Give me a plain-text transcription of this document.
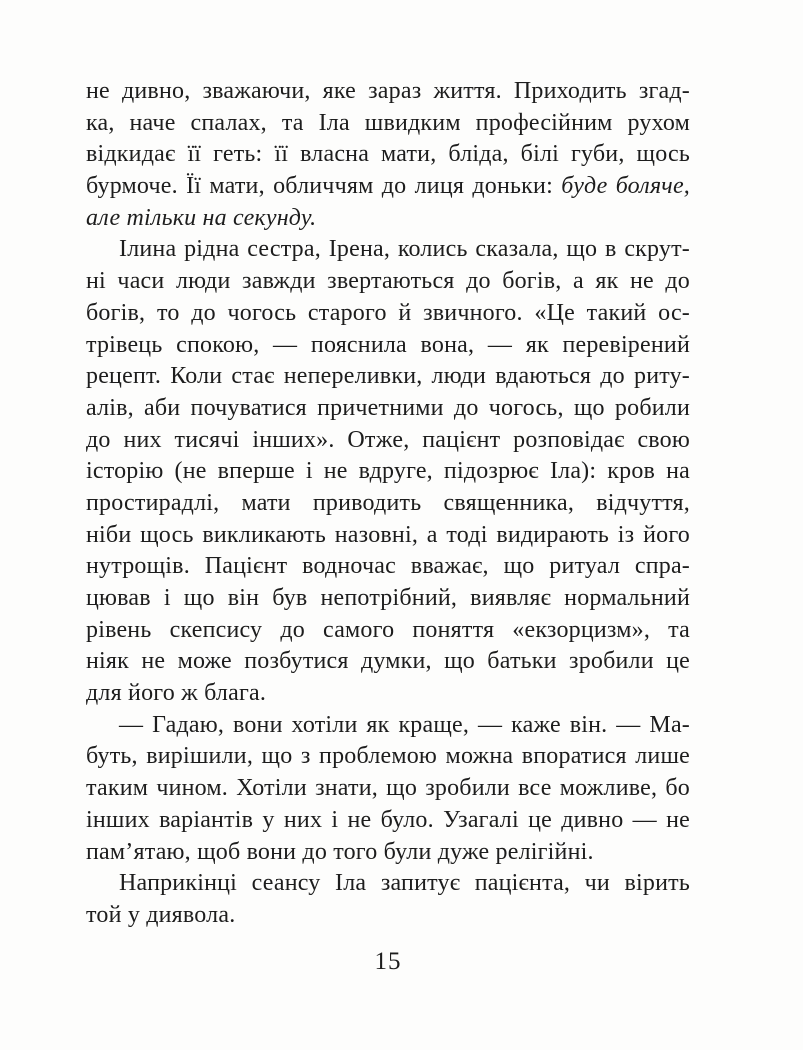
не дивно, зважаючи, яке зараз життя. Приходить згад-
ка, наче спалах, та Іла швидким професійним рухом
відкидає її геть: її власна мати, бліда, білі губи, щось
бурмоче. Її мати, обличчям до лиця доньки: буде боляче,
але тільки на секунду.
Ілина рідна сестра, Ірена, колись сказала, що в скрут-
ні часи люди завжди звертаються до богів, а як не до
богів, то до чогось старого й звичного. «Це такий ос-
трівець спокою, — пояснила вона, — як перевірений
рецепт. Коли стає непереливки, люди вдаються до риту-
алів, аби почуватися причетними до чогось, що робили
до них тисячі інших». Отже, пацієнт розповідає свою
історію (не вперше і не вдруге, підозрює Іла): кров на
простирадлі, мати приводить священника, відчуття,
ніби щось викликають назовні, а тоді видирають із його
нутрощів. Пацієнт водночас вважає, що ритуал спра-
цював і що він був непотрібний, виявляє нормальний
рівень скепсису до самого поняття «екзорцизм», та
ніяк не може позбутися думки, що батьки зробили це
для його ж блага.
— Гадаю, вони хотіли як краще, — каже він. — Ма-
буть, вирішили, що з проблемою можна впоратися лише
таким чином. Хотіли знати, що зробили все можливе, бо
інших варіантів у них і не було. Узагалі це дивно — не
пам’ятаю, щоб вони до того були дуже релігійні.
Наприкінці сеансу Іла запитує пацієнта, чи вірить
той у диявола.
15
